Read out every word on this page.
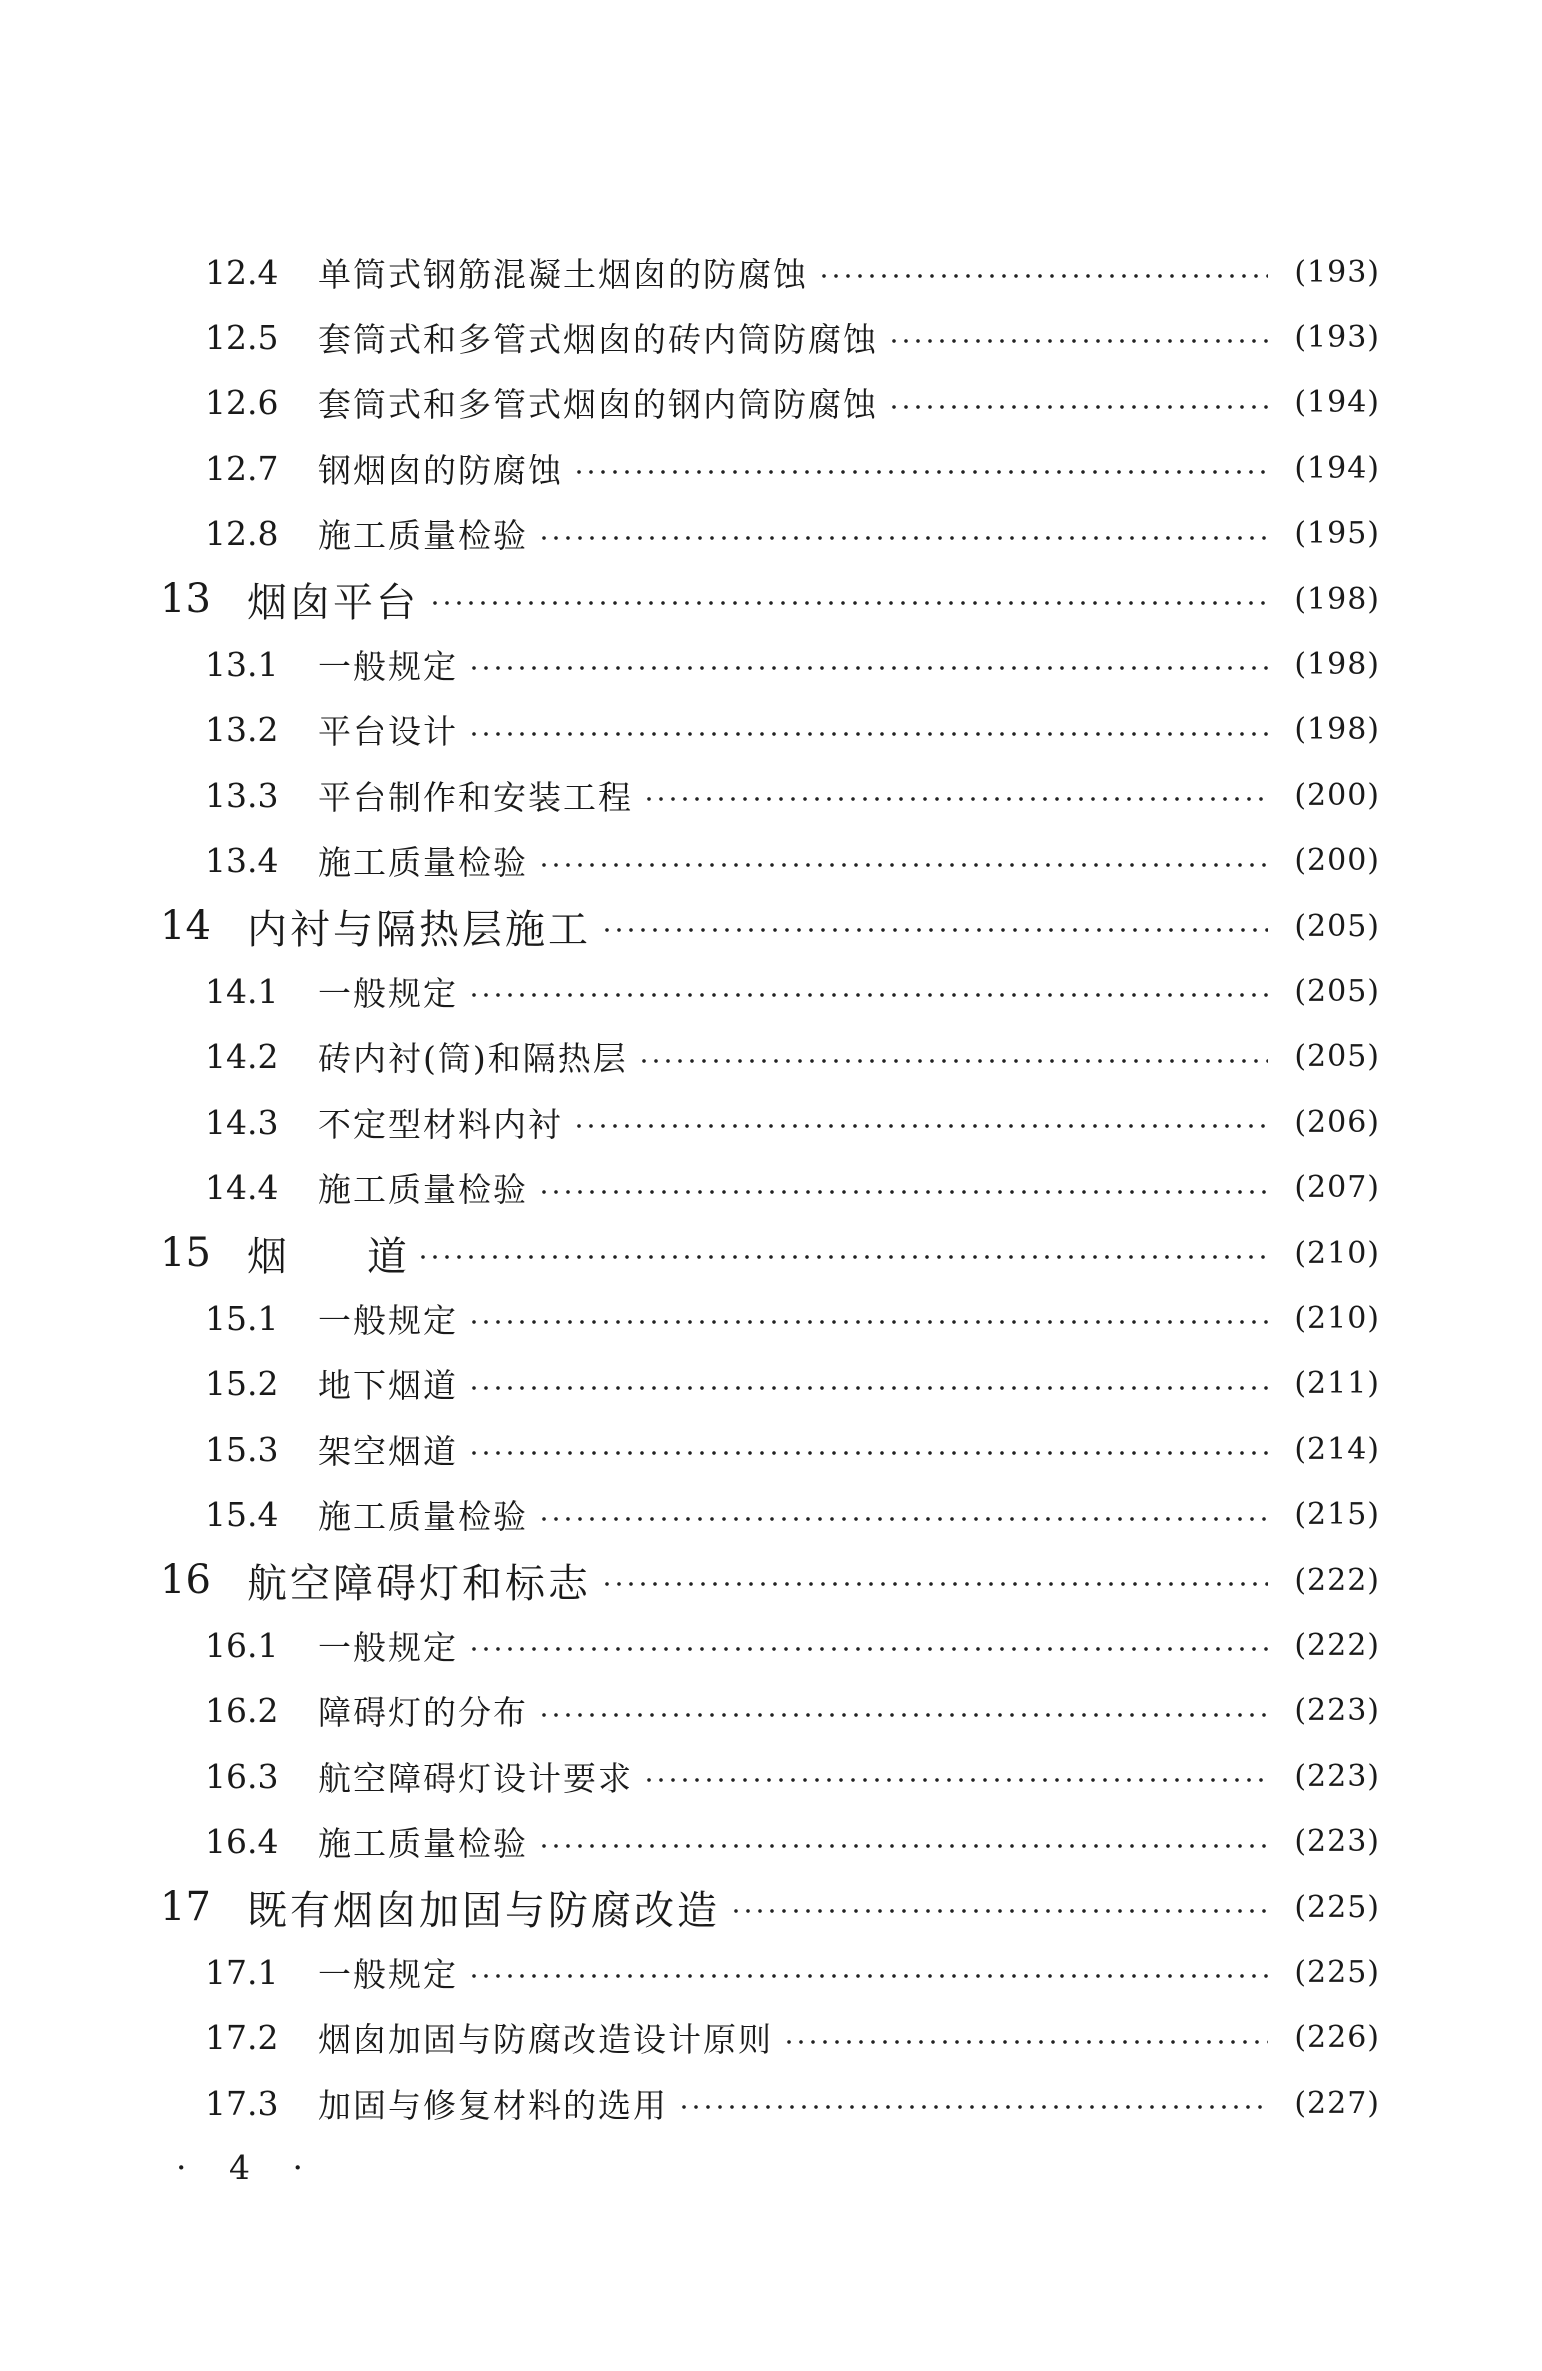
12.4	单筒式钢筋混凝土烟囱的防腐蚀	(193)
12.5	套筒式和多管式烟囱的砖内筒防腐蚀	(193)
12.6	套筒式和多管式烟囱的钢内筒防腐蚀	(194)
12.7	钢烟囱的防腐蚀	(194)
12.8	施工质量检验	(195)
13 烟囱平台	(198)
13.1	一般规定	(198)
13.2	平台设计	(198)
13.3	平台制作和安装工程	(200)
13.4	施工质量检验	(200)
14 内衬与隔热层施工	(205)
14.1	一般规定	(205)
14.2	砖内衬(筒)和隔热层	(205)
14.3	不定型材料内衬	(206)
14.4	施工质量检验	(207)
15 烟 道	(210)
15.1	一般规定	(210)
15.2	地下烟道	(211)
15.3	架空烟道	(214)
15.4	施工质量检验	(215)
16 航空障碍灯和标志	(222)
16.1	一般规定	(222)
16.2	障碍灯的分布	(223)
16.3	航空障碍灯设计要求	(223)
16.4	施工质量检验	(223)
17 既有烟囱加固与防腐改造	(225)
17.1	一般规定	(225)
17.2	烟囱加固与防腐改造设计原则	(226)
17.3	加固与修复材料的选用	(227)
· 4 ·
